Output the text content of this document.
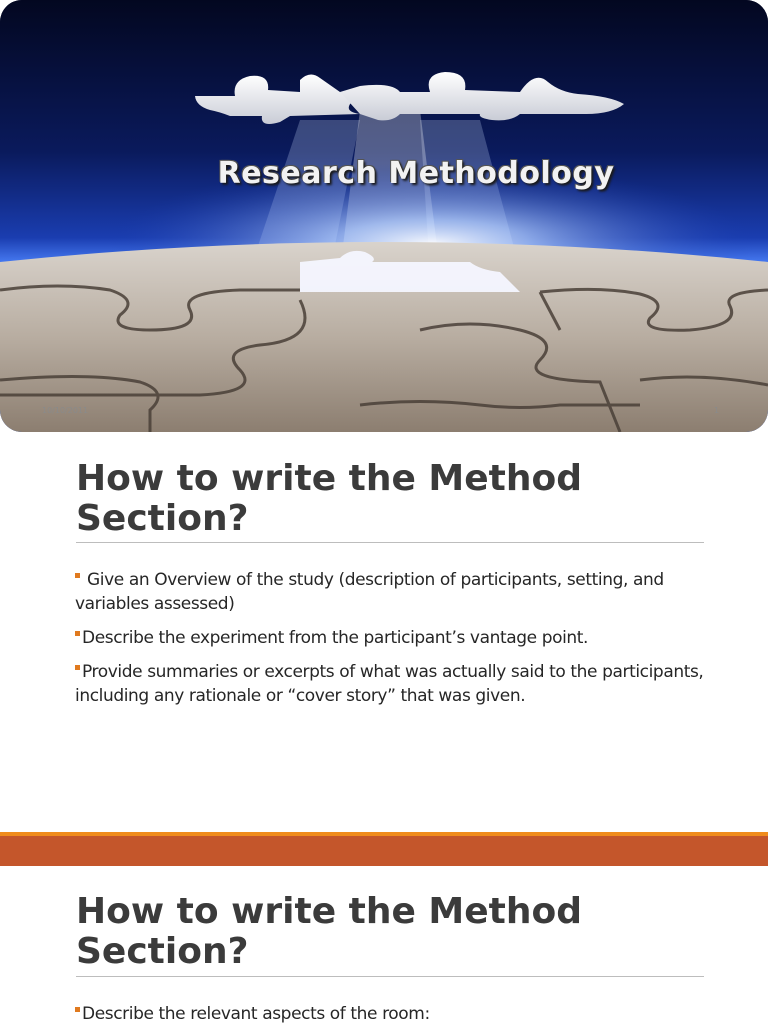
Research Methodology
10/10/2011	1
How to write the Method Section?
Give an Overview of the study (description of participants, setting, and variables assessed)
Describe the experiment from the participant’s vantage point.
Provide summaries or excerpts of what was actually said to the participants, including any rationale or “cover story” that was given.
How to write the Method Section?
Describe the relevant aspects of the room:
